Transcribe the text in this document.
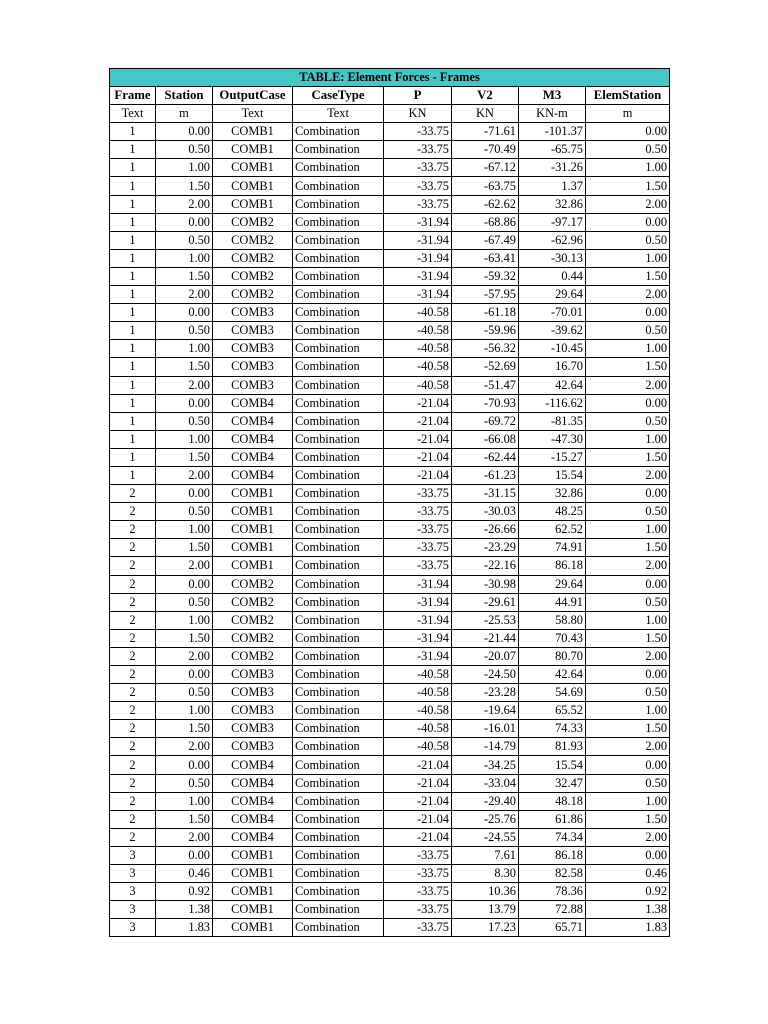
TABLE: Element Forces - Frames							
Frame	Station	OutputCase	CaseType	P	V2	M3	ElemStation
Text	m	Text	Text	KN	KN	KN-m	m
1	0.00	COMB1	Combination	-33.75	-71.61	-101.37	0.00
1	0.50	COMB1	Combination	-33.75	-70.49	-65.75	0.50
1	1.00	COMB1	Combination	-33.75	-67.12	-31.26	1.00
1	1.50	COMB1	Combination	-33.75	-63.75	1.37	1.50
1	2.00	COMB1	Combination	-33.75	-62.62	32.86	2.00
1	0.00	COMB2	Combination	-31.94	-68.86	-97.17	0.00
1	0.50	COMB2	Combination	-31.94	-67.49	-62.96	0.50
1	1.00	COMB2	Combination	-31.94	-63.41	-30.13	1.00
1	1.50	COMB2	Combination	-31.94	-59.32	0.44	1.50
1	2.00	COMB2	Combination	-31.94	-57.95	29.64	2.00
1	0.00	COMB3	Combination	-40.58	-61.18	-70.01	0.00
1	0.50	COMB3	Combination	-40.58	-59.96	-39.62	0.50
1	1.00	COMB3	Combination	-40.58	-56.32	-10.45	1.00
1	1.50	COMB3	Combination	-40.58	-52.69	16.70	1.50
1	2.00	COMB3	Combination	-40.58	-51.47	42.64	2.00
1	0.00	COMB4	Combination	-21.04	-70.93	-116.62	0.00
1	0.50	COMB4	Combination	-21.04	-69.72	-81.35	0.50
1	1.00	COMB4	Combination	-21.04	-66.08	-47.30	1.00
1	1.50	COMB4	Combination	-21.04	-62.44	-15.27	1.50
1	2.00	COMB4	Combination	-21.04	-61.23	15.54	2.00
2	0.00	COMB1	Combination	-33.75	-31.15	32.86	0.00
2	0.50	COMB1	Combination	-33.75	-30.03	48.25	0.50
2	1.00	COMB1	Combination	-33.75	-26.66	62.52	1.00
2	1.50	COMB1	Combination	-33.75	-23.29	74.91	1.50
2	2.00	COMB1	Combination	-33.75	-22.16	86.18	2.00
2	0.00	COMB2	Combination	-31.94	-30.98	29.64	0.00
2	0.50	COMB2	Combination	-31.94	-29.61	44.91	0.50
2	1.00	COMB2	Combination	-31.94	-25.53	58.80	1.00
2	1.50	COMB2	Combination	-31.94	-21.44	70.43	1.50
2	2.00	COMB2	Combination	-31.94	-20.07	80.70	2.00
2	0.00	COMB3	Combination	-40.58	-24.50	42.64	0.00
2	0.50	COMB3	Combination	-40.58	-23.28	54.69	0.50
2	1.00	COMB3	Combination	-40.58	-19.64	65.52	1.00
2	1.50	COMB3	Combination	-40.58	-16.01	74.33	1.50
2	2.00	COMB3	Combination	-40.58	-14.79	81.93	2.00
2	0.00	COMB4	Combination	-21.04	-34.25	15.54	0.00
2	0.50	COMB4	Combination	-21.04	-33.04	32.47	0.50
2	1.00	COMB4	Combination	-21.04	-29.40	48.18	1.00
2	1.50	COMB4	Combination	-21.04	-25.76	61.86	1.50
2	2.00	COMB4	Combination	-21.04	-24.55	74.34	2.00
3	0.00	COMB1	Combination	-33.75	7.61	86.18	0.00
3	0.46	COMB1	Combination	-33.75	8.30	82.58	0.46
3	0.92	COMB1	Combination	-33.75	10.36	78.36	0.92
3	1.38	COMB1	Combination	-33.75	13.79	72.88	1.38
3	1.83	COMB1	Combination	-33.75	17.23	65.71	1.83
